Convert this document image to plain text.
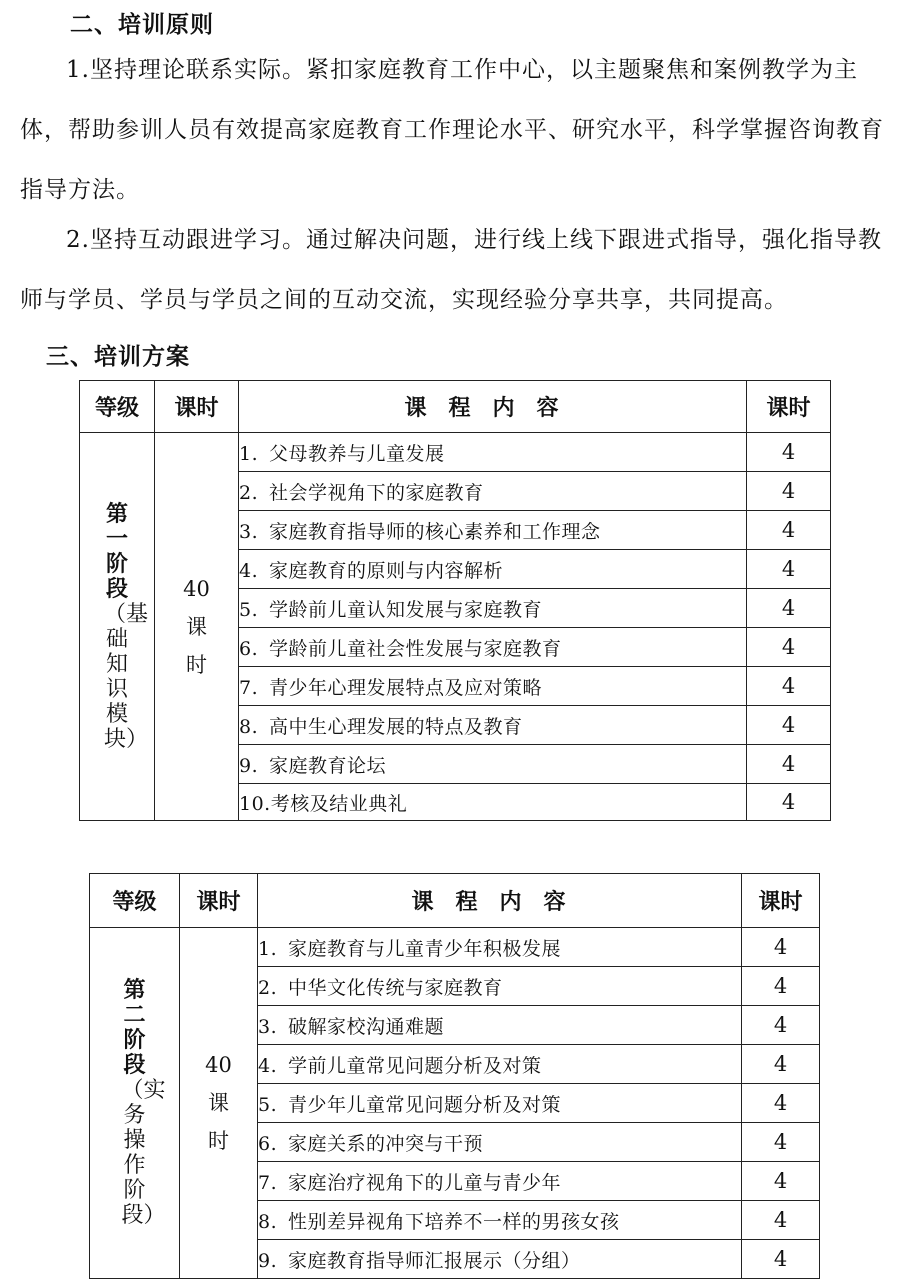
二、培训原则

1.坚持理论联系实际。紧扣家庭教育工作中心，以主题聚焦和案例教学为主体，帮助参训人员有效提高家庭教育工作理论水平、研究水平，科学掌握咨询教育指导方法。

2.坚持互动跟进学习。通过解决问题，进行线上线下跟进式指导，强化指导教师与学员、学员与学员之间的互动交流，实现经验分享共享，共同提高。

三、培训方案
等级	课时	课程内容	课时
第一阶段（基础知识模块）	40课时	1. 父母教养与儿童发展	4
		2. 社会学视角下的家庭教育	4
		3. 家庭教育指导师的核心素养和工作理念	4
		4. 家庭教育的原则与内容解析	4
		5. 学龄前儿童认知发展与家庭教育	4
		6. 学龄前儿童社会性发展与家庭教育	4
		7. 青少年心理发展特点及应对策略	4
		8. 高中生心理发展的特点及教育	4
		9. 家庭教育论坛	4
		10.考核及结业典礼	4
等级	课时	课程内容	课时
第二阶段（实务操作阶段）	40课时	1. 家庭教育与儿童青少年积极发展	4
		2. 中华文化传统与家庭教育	4
		3. 破解家校沟通难题	4
		4. 学前儿童常见问题分析及对策	4
		5. 青少年儿童常见问题分析及对策	4
		6. 家庭关系的冲突与干预	4
		7. 家庭治疗视角下的儿童与青少年	4
		8. 性别差异视角下培养不一样的男孩女孩	4
		9. 家庭教育指导师汇报展示（分组）	4
